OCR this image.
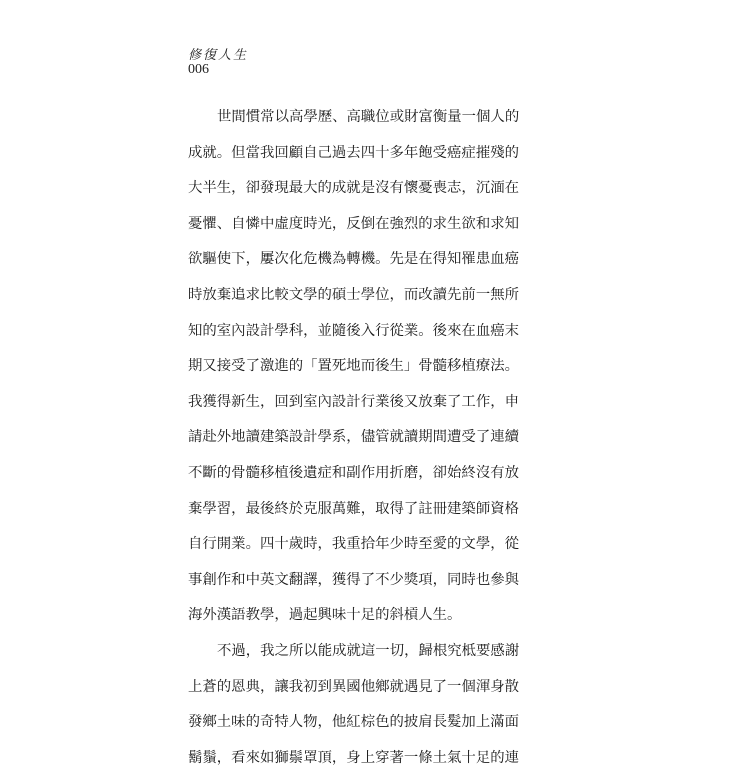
修復人生
006

世間慣常以高學歷、高職位或財富衡量一個人的
成就。但當我回顧自己過去四十多年飽受癌症摧殘的
大半生，卻發現最大的成就是沒有懷憂喪志，沉湎在
憂懼、自憐中虛度時光，反倒在強烈的求生欲和求知
欲驅使下，屢次化危機為轉機。先是在得知罹患血癌
時放棄追求比較文學的碩士學位，而改讀先前一無所
知的室內設計學科，並隨後入行從業。後來在血癌末
期又接受了激進的「置死地而後生」骨髓移植療法。
我獲得新生，回到室內設計行業後又放棄了工作，申
請赴外地讀建築設計學系，儘管就讀期間遭受了連續
不斷的骨髓移植後遺症和副作用折磨，卻始終沒有放
棄學習，最後終於克服萬難，取得了註冊建築師資格
自行開業。四十歲時，我重拾年少時至愛的文學，從
事創作和中英文翻譯，獲得了不少獎項，同時也參與
海外漢語教學，過起興味十足的斜槓人生。

不過，我之所以能成就這一切，歸根究柢要感謝
上蒼的恩典，讓我初到異國他鄉就遇見了一個渾身散
發鄉土味的奇特人物，他紅棕色的披肩長髮加上滿面
鬍鬚，看來如獅鬃罩頂，身上穿著一條土氣十足的連
